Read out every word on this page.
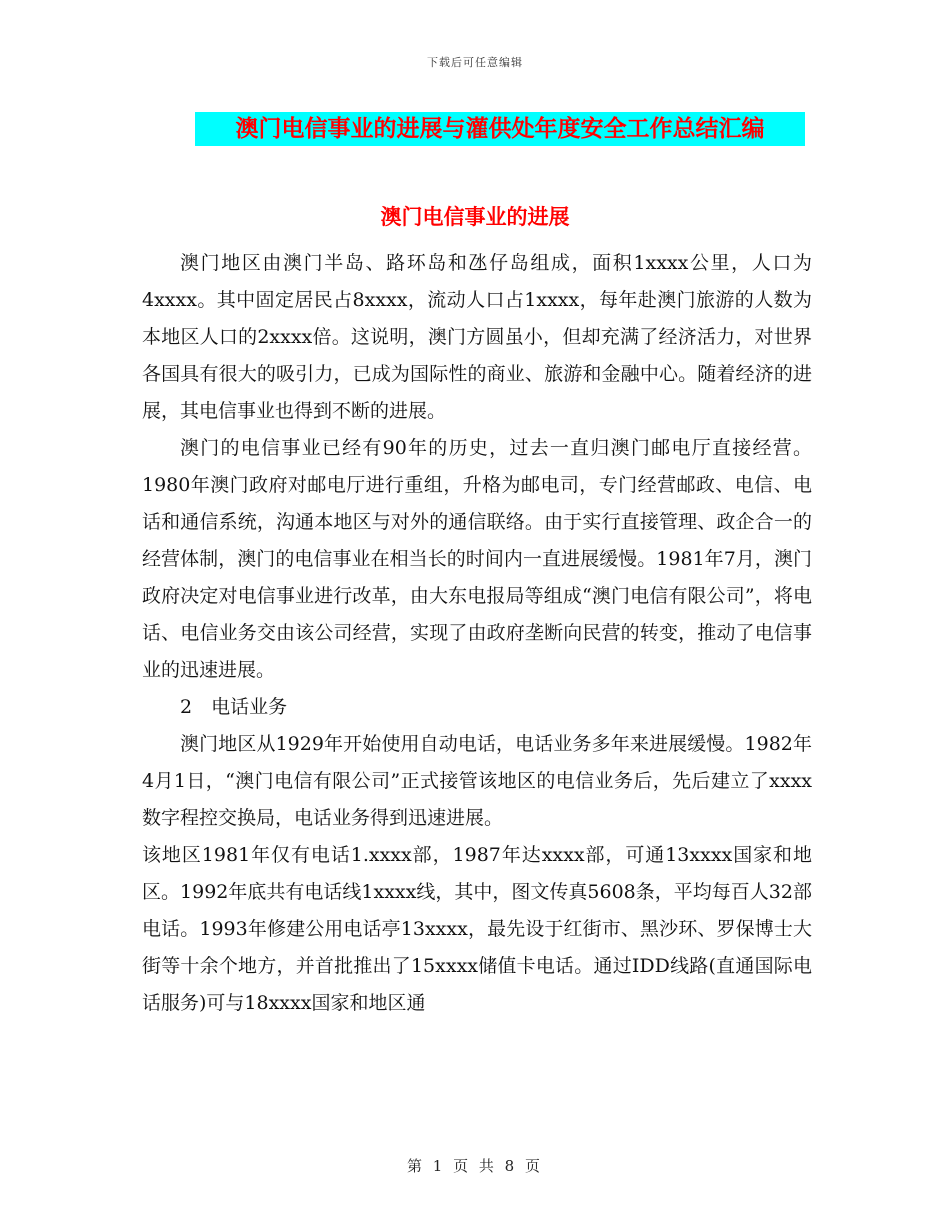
下载后可任意编辑
澳门电信事业的进展与灌供处年度安全工作总结汇编
澳门电信事业的进展

澳门地区由澳门半岛、路环岛和氹仔岛组成，面积1xxxx公里，人口为4xxxx。其中固定居民占8xxxx，流动人口占1xxxx，每年赴澳门旅游的人数为本地区人口的2xxxx倍。这说明，澳门方圆虽小，但却充满了经济活力，对世界各国具有很大的吸引力，已成为国际性的商业、旅游和金融中心。随着经济的进展，其电信事业也得到不断的进展。

澳门的电信事业已经有90年的历史，过去一直归澳门邮电厅直接经营。1980年澳门政府对邮电厅进行重组，升格为邮电司，专门经营邮政、电信、电话和通信系统，沟通本地区与对外的通信联络。由于实行直接管理、政企合一的经营体制，澳门的电信事业在相当长的时间内一直进展缓慢。1981年7月，澳门政府决定对电信事业进行改革，由大东电报局等组成“澳门电信有限公司”，将电话、电信业务交由该公司经营，实现了由政府垄断向民营的转变，推动了电信事业的迅速进展。

2　电话业务

澳门地区从1929年开始使用自动电话，电话业务多年来进展缓慢。1982年4月1日，“澳门电信有限公司”正式接管该地区的电信业务后，先后建立了xxxx数字程控交换局，电话业务得到迅速进展。

该地区1981年仅有电话1.xxxx部，1987年达xxxx部，可通13xxxx国家和地区。1992年底共有电话线1xxxx线，其中，图文传真5608条，平均每百人32部电话。1993年修建公用电话亭13xxxx，最先设于红街市、黑沙环、罗保博士大街等十余个地方，并首批推出了15xxxx储值卡电话。通过IDD线路(直通国际电话服务)可与18xxxx国家和地区通

第 1 页 共 8 页
